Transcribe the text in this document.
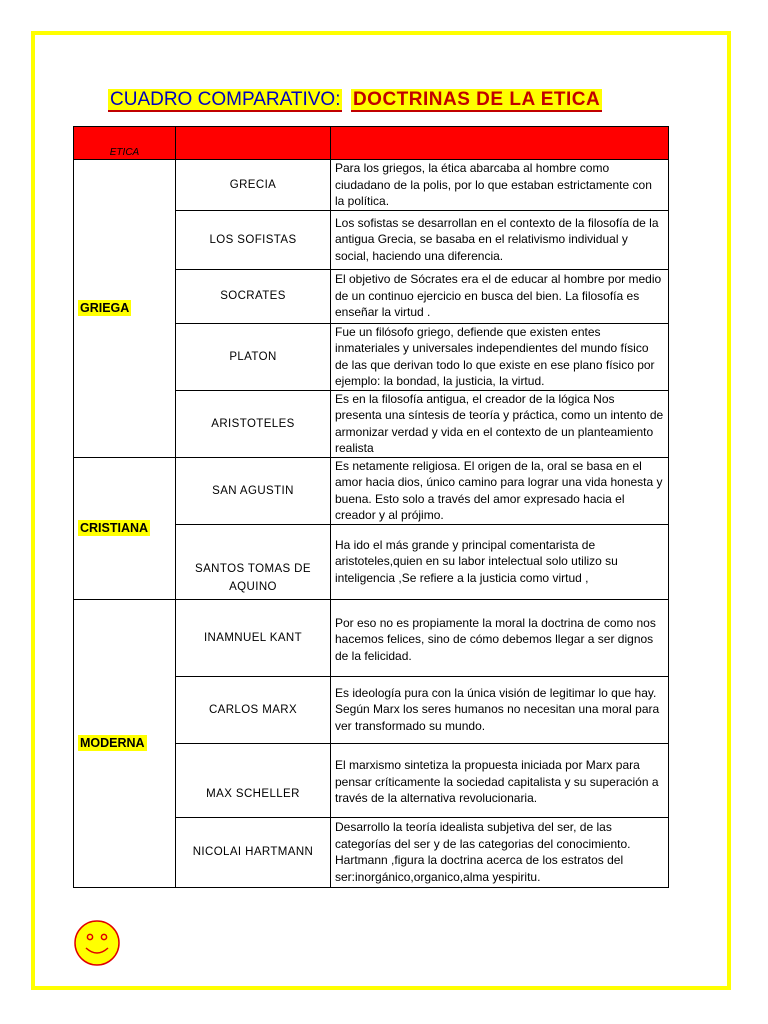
CUADRO COMPARATIVO: DOCTRINAS DE LA ETICA
ETICA		

GRIEGA	GRECIA	Para los griegos, la ética abarcaba al hombre como ciudadano de la polis, por lo que estaban estrictamente con la política.
	LOS SOFISTAS	Los sofistas se desarrollan en el contexto de la filosofía de la antigua Grecia, se basaba en el relativismo individual y social, haciendo una diferencia.
	SOCRATES	El objetivo de Sócrates era el de educar al hombre por medio de un continuo ejercicio en busca del bien. La filosofía es enseñar la virtud .
	PLATON	Fue un filósofo griego, defiende que existen entes inmateriales y universales independientes del mundo físico de las que derivan todo lo que existe en ese plano físico por ejemplo: la bondad, la justicia, la virtud.
	ARISTOTELES	Es en la filosofía antigua, el creador de la lógica Nos presenta una síntesis de teoría y práctica, como un intento de armonizar verdad y vida en el contexto de un planteamiento realista
CRISTIANA	SAN AGUSTIN	Es netamente religiosa. El origen de la, oral se basa en el amor hacia dios, único camino para lograr una vida honesta y buena. Esto solo a través del amor expresado hacia el creador y al prójimo.
	SANTOS TOMAS DE AQUINO	Ha ido el más grande y principal comentarista de aristoteles,quien en su labor intelectual solo utilizo su inteligencia ,Se refiere a la justicia como virtud ,
MODERNA	INAMNUEL KANT	Por eso no es propiamente la moral la doctrina de como nos hacemos felices, sino de cómo debemos llegar a ser dignos de la felicidad.
	CARLOS MARX	Es ideología pura con la única visión de legitimar lo que hay. Según Marx los seres humanos no necesitan una moral para ver transformado su mundo.
	MAX SCHELLER	El marxismo sintetiza la propuesta iniciada por Marx para pensar críticamente la sociedad capitalista y su superación a través de la alternativa revolucionaria.
	NICOLAI HARTMANN	Desarrollo la teoría idealista subjetiva del ser, de las categorías del ser y de las categorias del conocimiento. Hartmann ,figura la doctrina acerca de los estratos del ser:inorgánico,organico,alma yespiritu.
